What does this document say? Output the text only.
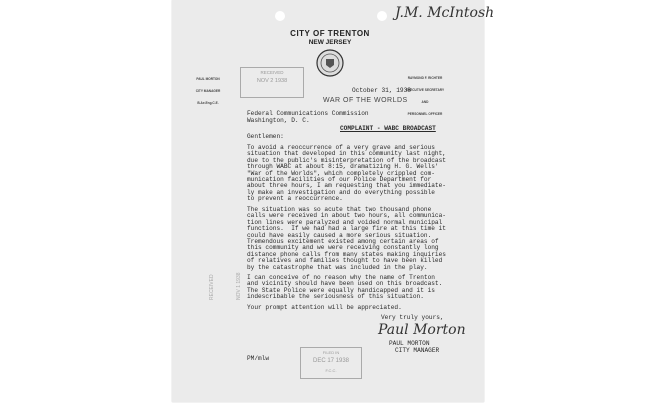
J.M. McIntosh
CITY OF TRENTON
NEW JERSEY

PAUL MORTON

CITY MANAGER

B.Ae.Eng.C.E.

RAYMOND F. RICHTER

EXECUTIVE SECRETARY

AND

PERSONNEL OFFICER

RECEIVED
NOV 2 1938
October 31, 1938
WAR OF THE WORLDS
Federal Communications Commission
Washington, D. C.
COMPLAINT - WABC BROADCAST
Gentlemen:
To avoid a reoccurrence of a very grave and serious
situation that developed in this community last night,
due to the public's misinterpretation of the broadcast
through WABC at about 8:15, dramatizing H. G. Wells'
"War of the Worlds", which completely crippled com-
munication facilities of our Police Department for
about three hours, I am requesting that you immediate-
ly make an investigation and do everything possible
to prevent a reoccurrence.
The situation was so acute that two thousand phone
calls were received in about two hours, all communica-
tion lines were paralyzed and voided normal municipal
functions.  If we had had a large fire at this time it
could have easily caused a more serious situation.
Tremendous excitement existed among certain areas of
this community and we were receiving constantly long
distance phone calls from many states making inquiries
of relatives and families thought to have been killed
by the catastrophe that was included in the play.
I can conceive of no reason why the name of Trenton
and vicinity should have been used on this broadcast.
The State Police were equally handicapped and it is
indescribable the seriousness of this situation.
Your prompt attention will be appreciated.
Very truly yours,
Paul Morton
PAUL MORTON
CITY MANAGER
PM/mlw
FILED IN
DEC 17 1938
F.C.C.

RECEIVED

	NOV 1 1938
